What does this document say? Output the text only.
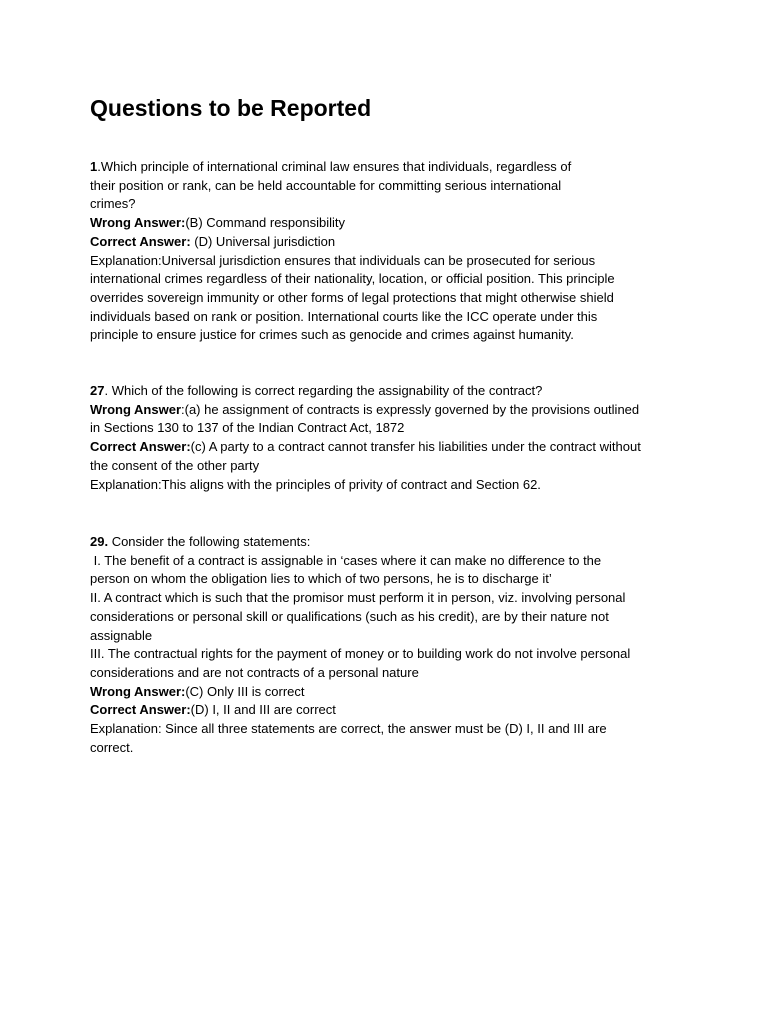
Questions to be Reported
1.Which principle of international criminal law ensures that individuals, regardless of
their position or rank, can be held accountable for committing serious international
crimes?
Wrong Answer:(B) Command responsibility
Correct Answer: (D) Universal jurisdiction
Explanation:Universal jurisdiction ensures that individuals can be prosecuted for serious
international crimes regardless of their nationality, location, or official position. This principle
overrides sovereign immunity or other forms of legal protections that might otherwise shield
individuals based on rank or position. International courts like the ICC operate under this
principle to ensure justice for crimes such as genocide and crimes against humanity.
27. Which of the following is correct regarding the assignability of the contract?
Wrong Answer:(a) he assignment of contracts is expressly governed by the provisions outlined
in Sections 130 to 137 of the Indian Contract Act, 1872
Correct Answer:(c) A party to a contract cannot transfer his liabilities under the contract without
the consent of the other party
Explanation:This aligns with the principles of privity of contract and Section 62.
29. Consider the following statements:
I. The benefit of a contract is assignable in ‘cases where it can make no difference to the
person on whom the obligation lies to which of two persons, he is to discharge it’
II. A contract which is such that the promisor must perform it in person, viz. involving personal
considerations or personal skill or qualifications (such as his credit), are by their nature not
assignable
III. The contractual rights for the payment of money or to building work do not involve personal
considerations and are not contracts of a personal nature
Wrong Answer:(C) Only III is correct
Correct Answer:(D) I, II and III are correct
Explanation: Since all three statements are correct, the answer must be (D) I, II and III are
correct.
